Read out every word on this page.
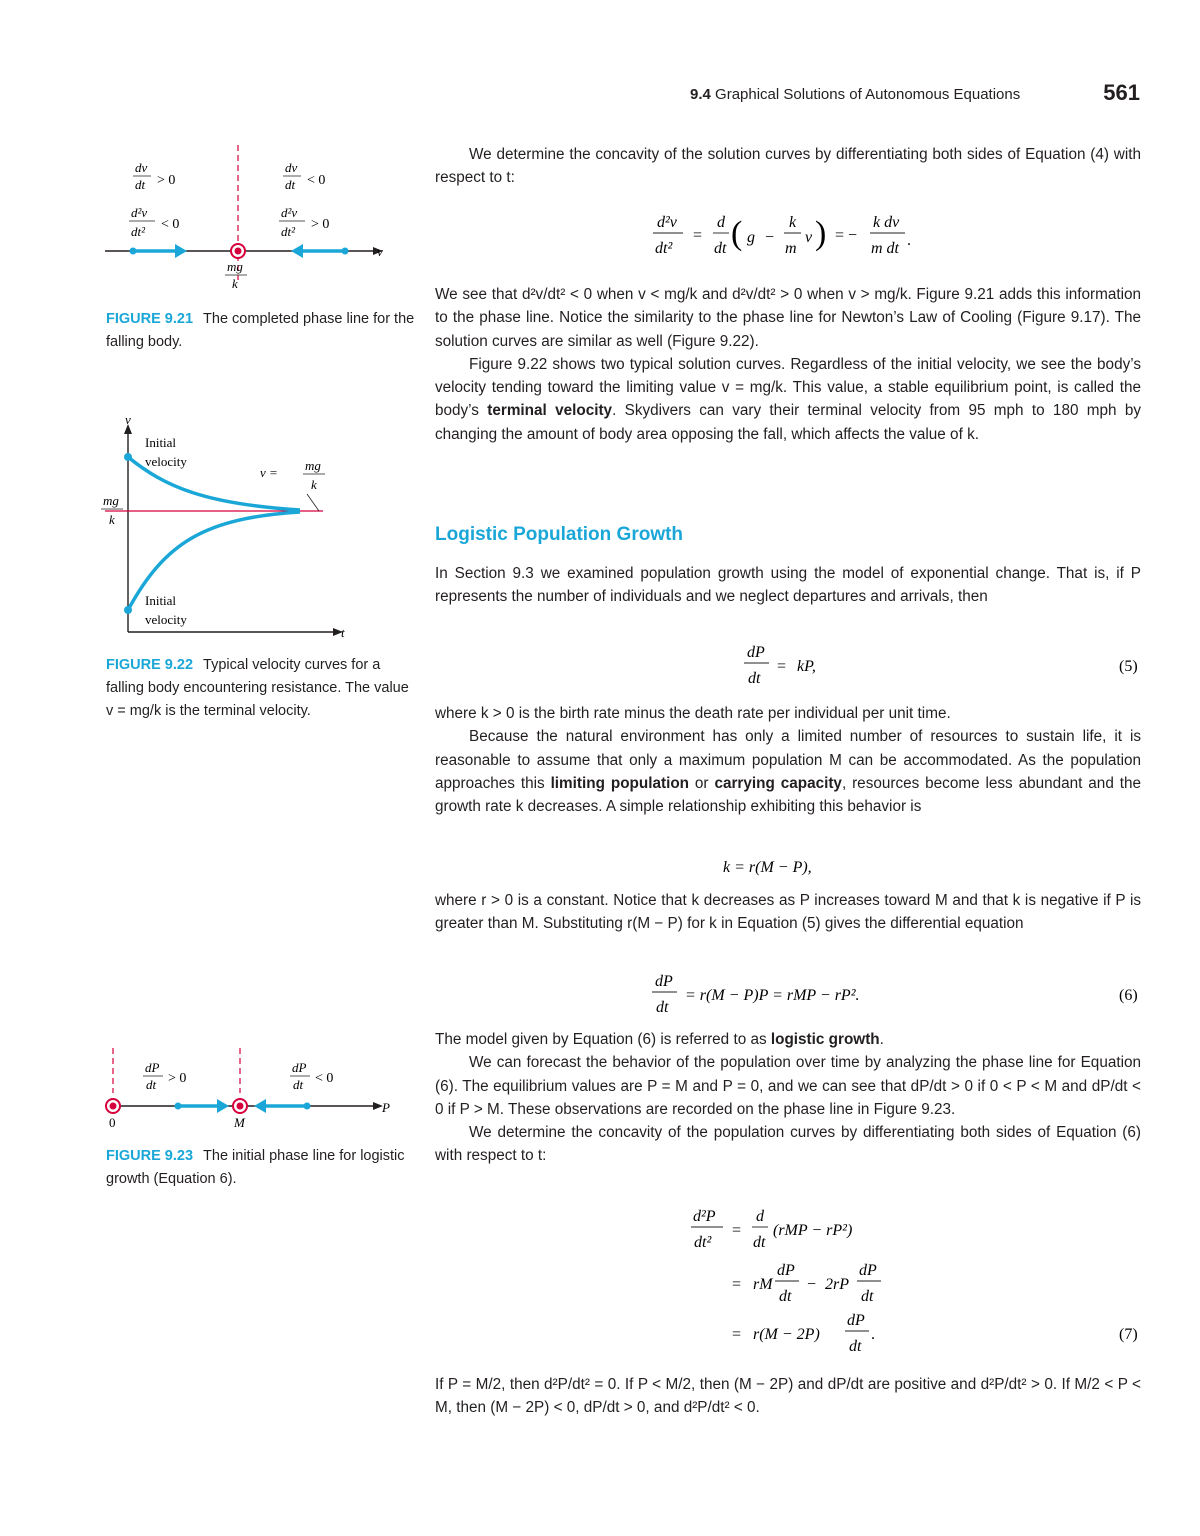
9.4 Graphical Solutions of Autonomous Equations	561
v
mg
k
dv
dt > 0
d²v
dt² < 0
dv
dt < 0
d²v
dt² > 0
FIGURE 9.21 The completed phase line for the falling body.
v
t
mg
k
Initial
velocity
Initial
velocity
v = mg
k
FIGURE 9.22 Typical velocity curves for a falling body encountering resistance. The value v = mg/k is the terminal velocity.
P
0	M
dP
dt > 0
dP
dt < 0
FIGURE 9.23 The initial phase line for logistic growth (Equation 6).

We determine the concavity of the solution curves by differentiating both sides of Equation (4) with respect to t:

d²v
dt²
=
d
dt ( g −
k
m
v ) = −
k dv
m dt .

We see that d²v/dt² < 0 when v < mg/k and d²v/dt² > 0 when v > mg/k. Figure 9.21 adds this information to the phase line. Notice the similarity to the phase line for Newton’s Law of Cooling (Figure 9.17). The solution curves are similar as well (Figure 9.22).

Figure 9.22 shows two typical solution curves. Regardless of the initial velocity, we see the body’s velocity tending toward the limiting value v = mg/k. This value, a stable equilibrium point, is called the body’s terminal velocity. Skydivers can vary their terminal velocity from 95 mph to 180 mph by changing the amount of body area opposing the fall, which affects the value of k.

Logistic Population Growth

In Section 9.3 we examined population growth using the model of exponential change. That is, if P represents the number of individuals and we neglect departures and arrivals, then

dP
dt
= kP,	(5)

where k > 0 is the birth rate minus the death rate per individual per unit time.

Because the natural environment has only a limited number of resources to sustain life, it is reasonable to assume that only a maximum population M can be accommodated. As the population approaches this limiting population or carrying capacity, resources become less abundant and the growth rate k decreases. A simple relationship exhibiting this behavior is

k = r(M − P),

where r > 0 is a constant. Notice that k decreases as P increases toward M and that k is negative if P is greater than M. Substituting r(M − P) for k in Equation (5) gives the differential equation

dP
dt
= r(M − P)P = rMP − rP².	(6)

The model given by Equation (6) is referred to as logistic growth.

We can forecast the behavior of the population over time by analyzing the phase line for Equation (6). The equilibrium values are P = M and P = 0, and we can see that dP/dt > 0 if 0 < P < M and dP/dt < 0 if P > M. These observations are recorded on the phase line in Figure 9.23.

We determine the concavity of the population curves by differentiating both sides of Equation (6) with respect to t:

d²P
dt²
=
d
dt
(rMP − rP²)
= rM
dP
dt
− 2rP
dP
dt
= r(M − 2P)
dP
dt
.	(7)

If P = M/2, then d²P/dt² = 0. If P < M/2, then (M − 2P) and dP/dt are positive and d²P/dt² > 0. If M/2 < P < M, then (M − 2P) < 0, dP/dt > 0, and d²P/dt² < 0.
